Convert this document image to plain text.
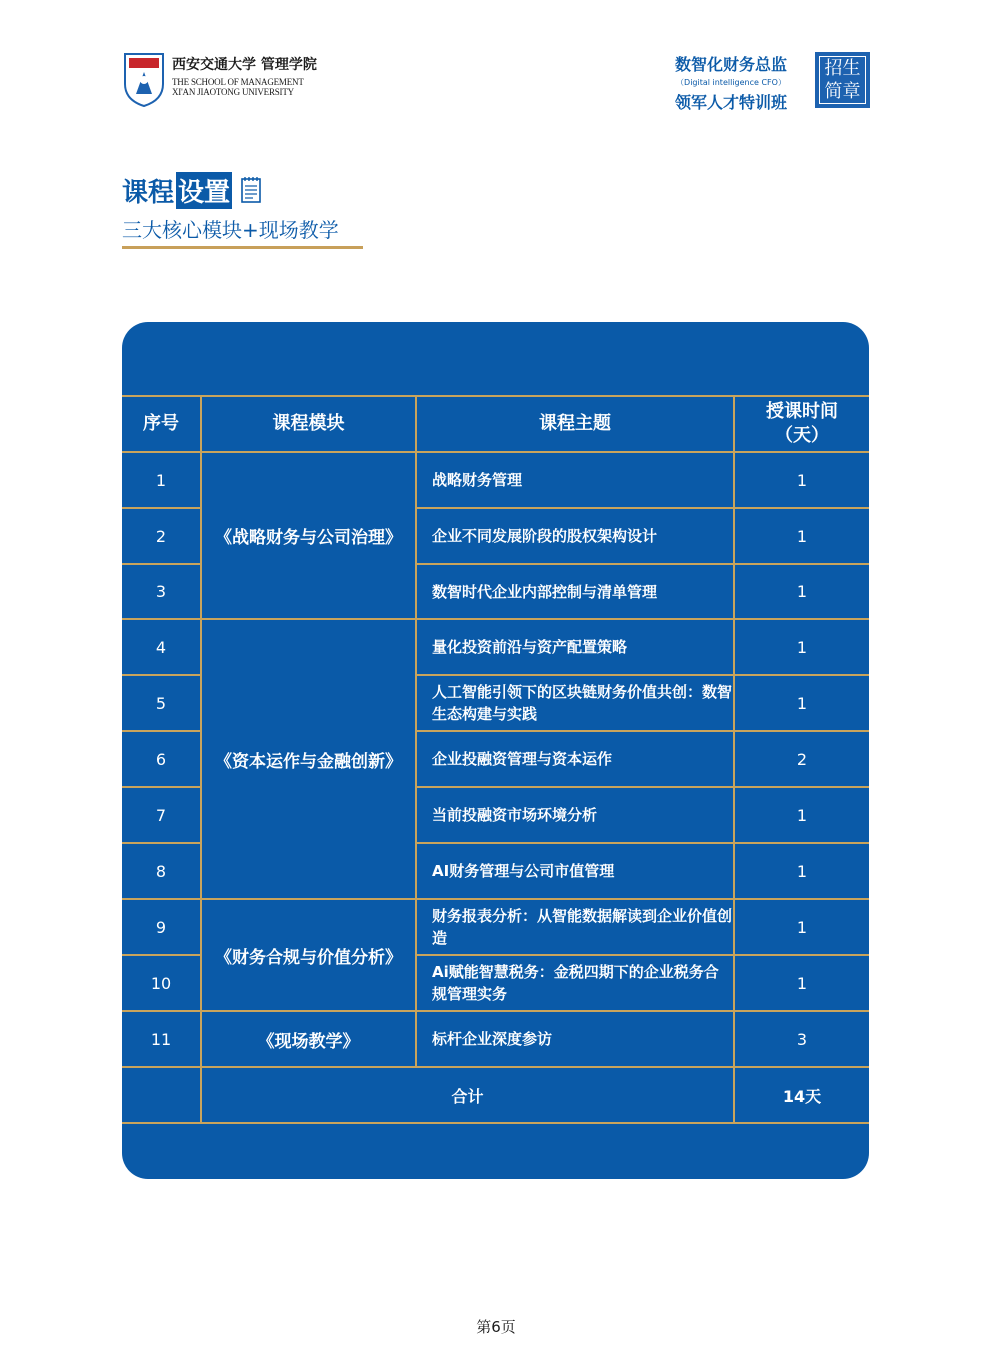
西安交通大学 管理学院
THE SCHOOL OF MANAGEMENT
XI'AN JIAOTONG UNIVERSITY
数智化财务总监
（Digital intelligence CFO）
领军人才特训班
招生
简章
课程 设置
三大核心模块+现场教学
序号	课程模块	课程主题	授课时间
（天）

1	《战略财务与公司治理》	战略财务管理	1
2		企业不同发展阶段的股权架构设计	1
3		数智时代企业内部控制与清单管理	1
4	《资本运作与金融创新》	量化投资前沿与资产配置策略	1
5		人工智能引领下的区块链财务价值共创：数智生态构建与实践	1
6		企业投融资管理与资本运作	2
7		当前投融资市场环境分析	1
8		AI财务管理与公司市值管理	1
9	《财务合规与价值分析》	财务报表分析：从智能数据解读到企业价值创造	1
10		Ai赋能智慧税务：金税四期下的企业税务合规管理实务	1
11	《现场教学》	标杆企业深度参访	3
	合计		14天
第6页
